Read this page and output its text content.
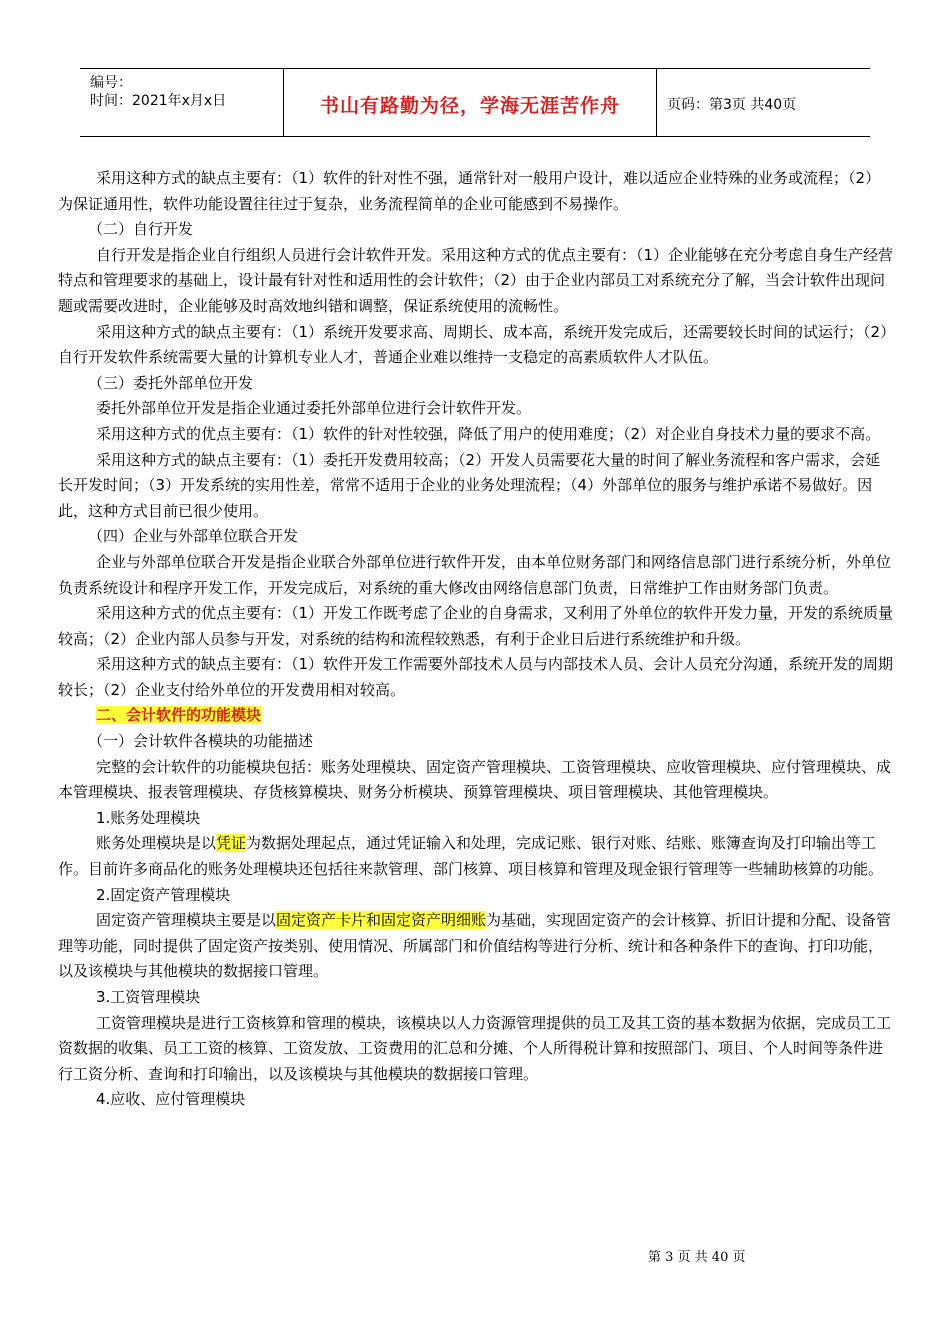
编号：
时间：2021年x月x日	书山有路勤为径，学海无涯苦作舟	页码：第3页 共40页

采用这种方式的缺点主要有：（1）软件的针对性不强，通常针对一般用户设计，难以适应企业特殊的业务或流程；（2）为保证通用性，软件功能设置往往过于复杂，业务流程简单的企业可能感到不易操作。

（二）自行开发

自行开发是指企业自行组织人员进行会计软件开发。采用这种方式的优点主要有：（1）企业能够在充分考虑自身生产经营特点和管理要求的基础上，设计最有针对性和适用性的会计软件；（2）由于企业内部员工对系统充分了解，当会计软件出现问题或需要改进时，企业能够及时高效地纠错和调整，保证系统使用的流畅性。

采用这种方式的缺点主要有：（1）系统开发要求高、周期长、成本高，系统开发完成后，还需要较长时间的试运行；（2）自行开发软件系统需要大量的计算机专业人才，普通企业难以维持一支稳定的高素质软件人才队伍。

（三）委托外部单位开发

委托外部单位开发是指企业通过委托外部单位进行会计软件开发。

采用这种方式的优点主要有：（1）软件的针对性较强，降低了用户的使用难度；（2）对企业自身技术力量的要求不高。

采用这种方式的缺点主要有：（1）委托开发费用较高；（2）开发人员需要花大量的时间了解业务流程和客户需求，会延长开发时间；（3）开发系统的实用性差，常常不适用于企业的业务处理流程；（4）外部单位的服务与维护承诺不易做好。因此，这种方式目前已很少使用。

（四）企业与外部单位联合开发

企业与外部单位联合开发是指企业联合外部单位进行软件开发，由本单位财务部门和网络信息部门进行系统分析，外单位负责系统设计和程序开发工作，开发完成后，对系统的重大修改由网络信息部门负责，日常维护工作由财务部门负责。

采用这种方式的优点主要有：（1）开发工作既考虑了企业的自身需求，又利用了外单位的软件开发力量，开发的系统质量较高；（2）企业内部人员参与开发，对系统的结构和流程较熟悉，有利于企业日后进行系统维护和升级。

采用这种方式的缺点主要有：（1）软件开发工作需要外部技术人员与内部技术人员、会计人员充分沟通，系统开发的周期较长；（2）企业支付给外单位的开发费用相对较高。

二、会计软件的功能模块

（一）会计软件各模块的功能描述

完整的会计软件的功能模块包括：账务处理模块、固定资产管理模块、工资管理模块、应收管理模块、应付管理模块、成本管理模块、报表管理模块、存货核算模块、财务分析模块、预算管理模块、项目管理模块、其他管理模块。

1.账务处理模块

账务处理模块是以凭证为数据处理起点，通过凭证输入和处理，完成记账、银行对账、结账、账簿查询及打印输出等工作。目前许多商品化的账务处理模块还包括往来款管理、部门核算、项目核算和管理及现金银行管理等一些辅助核算的功能。

2.固定资产管理模块

固定资产管理模块主要是以固定资产卡片和固定资产明细账为基础，实现固定资产的会计核算、折旧计提和分配、设备管理等功能，同时提供了固定资产按类别、使用情况、所属部门和价值结构等进行分析、统计和各种条件下的查询、打印功能，以及该模块与其他模块的数据接口管理。

3.工资管理模块

工资管理模块是进行工资核算和管理的模块，该模块以人力资源管理提供的员工及其工资的基本数据为依据，完成员工工资数据的收集、员工工资的核算、工资发放、工资费用的汇总和分摊、个人所得税计算和按照部门、项目、个人时间等条件进行工资分析、查询和打印输出，以及该模块与其他模块的数据接口管理。

4.应收、应付管理模块

第 3 页 共 40 页
